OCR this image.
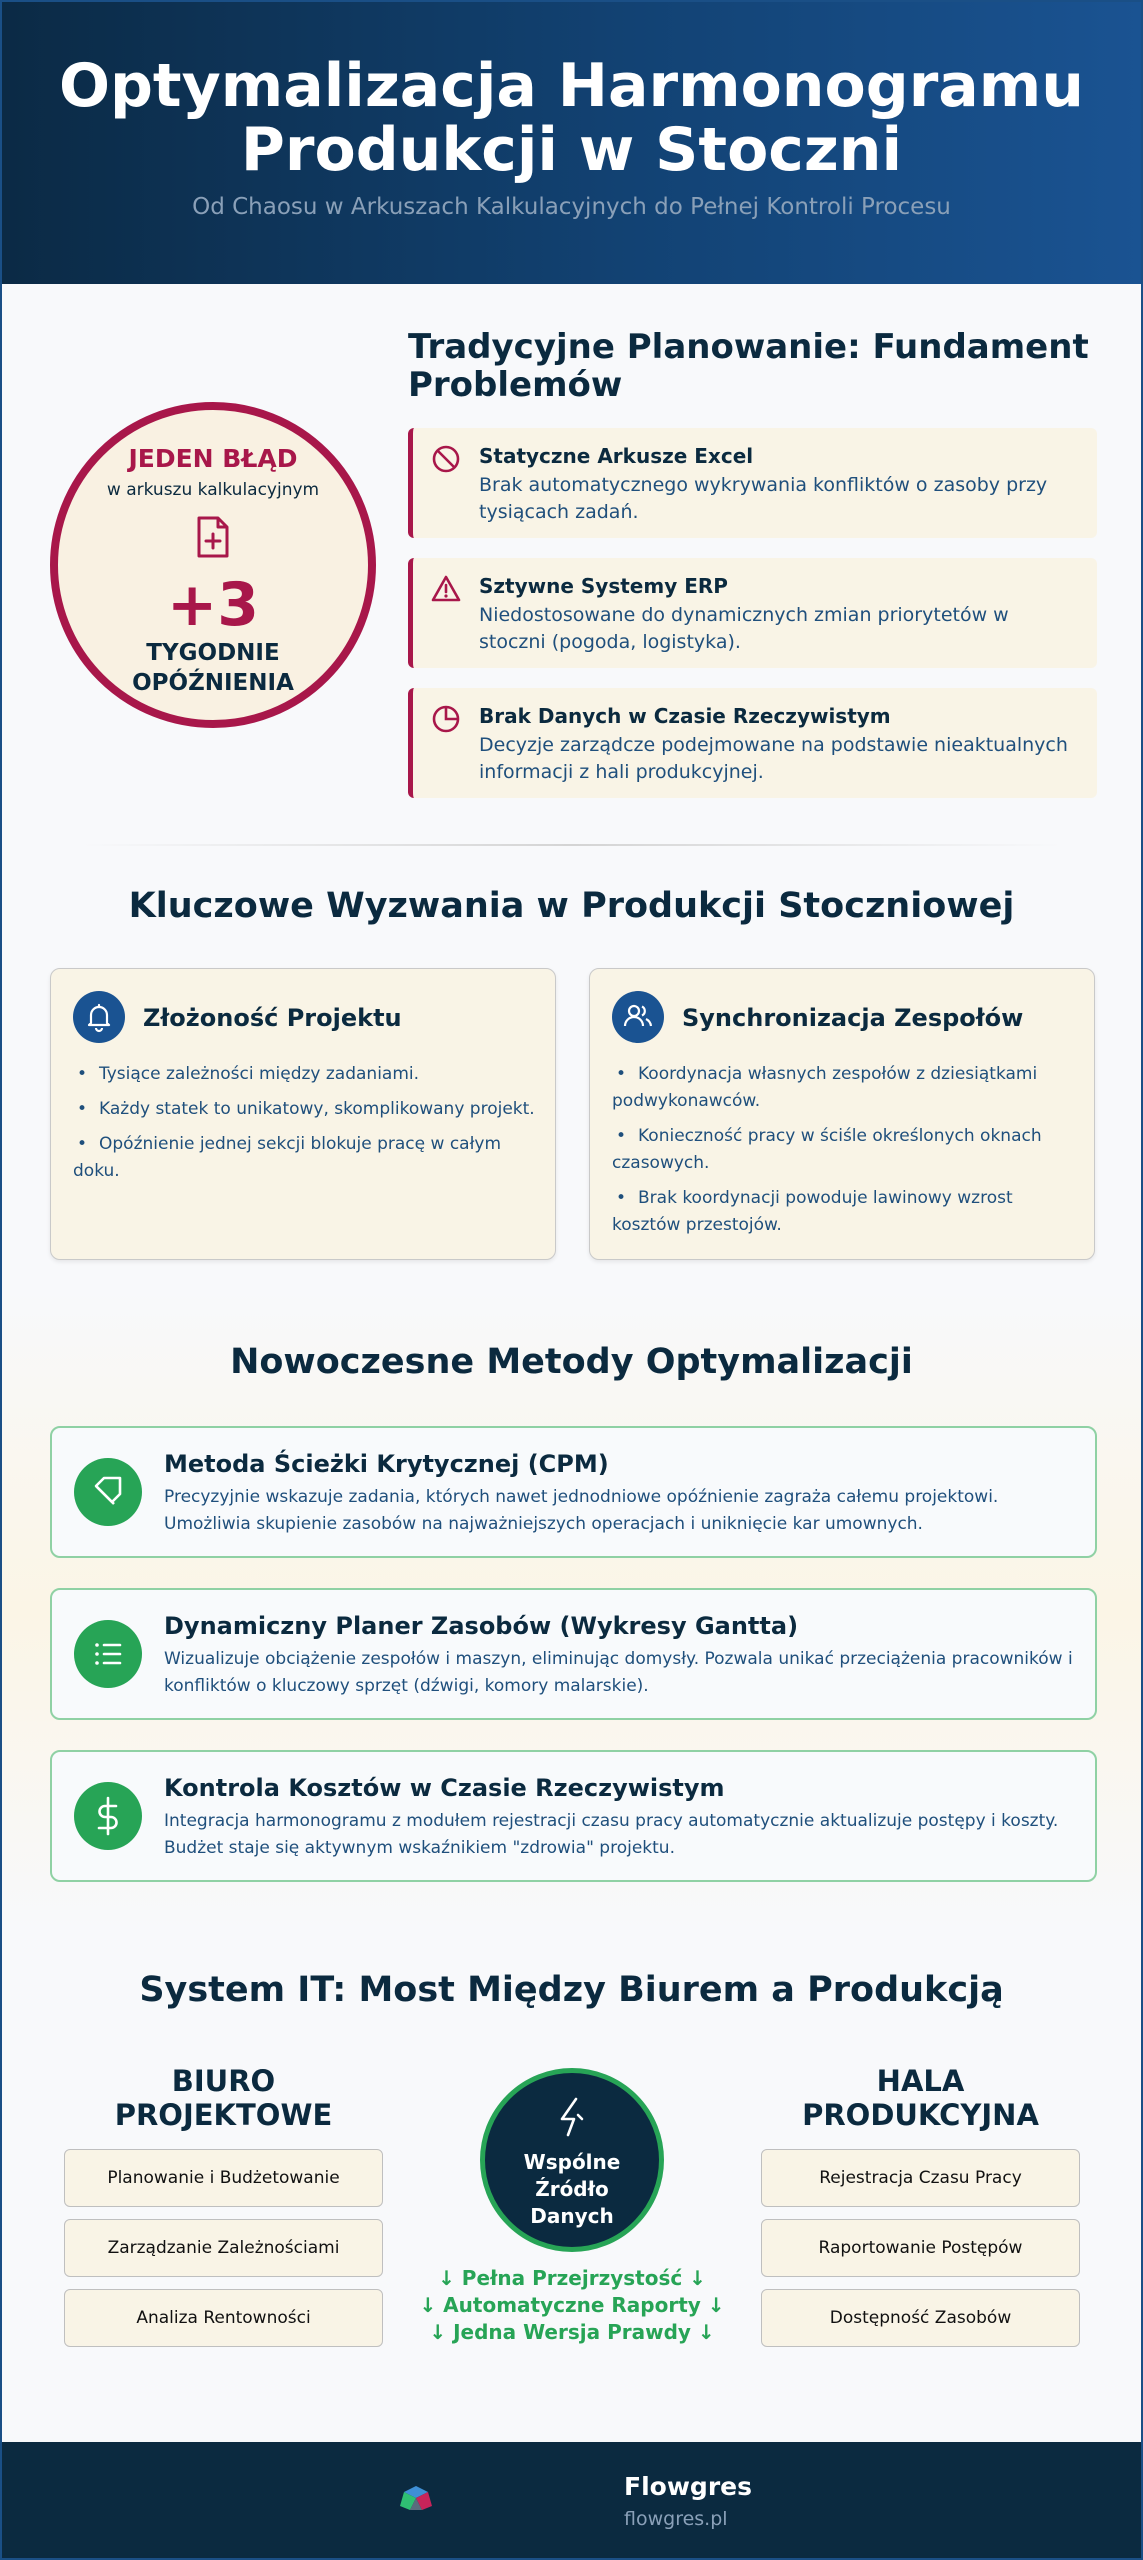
Optymalizacja Harmonogramu
Produkcji w Stoczni
Od Chaosu w Arkuszach Kalkulacyjnych do Pełnej Kontroli Procesu
JEDEN BŁĄD
w arkuszu kalkulacyjnym
+3
TYGODNIE
OPÓŹNIENIA
Tradycyjne Planowanie: Fundament Problemów
Statyczne Arkusze Excel
Brak automatycznego wykrywania konfliktów o zasoby przy tysiącach zadań.
Sztywne Systemy ERP
Niedostosowane do dynamicznych zmian priorytetów w stoczni (pogoda, logistyka).
Brak Danych w Czasie Rzeczywistym
Decyzje zarządcze podejmowane na podstawie nieaktualnych informacji z hali produkcyjnej.
Kluczowe Wyzwania w Produkcji Stoczniowej
Złożoność Projektu
• Tysiące zależności między zadaniami.
• Każdy statek to unikatowy, skomplikowany projekt.
• Opóźnienie jednej sekcji blokuje pracę w całym doku.
Synchronizacja Zespołów
• Koordynacja własnych zespołów z dziesiątkami podwykonawców.
• Konieczność pracy w ściśle określonych oknach czasowych.
• Brak koordynacji powoduje lawinowy wzrost kosztów przestojów.
Nowoczesne Metody Optymalizacji
Metoda Ścieżki Krytycznej (CPM)
Precyzyjnie wskazuje zadania, których nawet jednodniowe opóźnienie zagraża całemu projektowi. Umożliwia skupienie zasobów na najważniejszych operacjach i uniknięcie kar umownych.
Dynamiczny Planer Zasobów (Wykresy Gantta)
Wizualizuje obciążenie zespołów i maszyn, eliminując domysły. Pozwala unikać przeciążenia pracowników i konfliktów o kluczowy sprzęt (dźwigi, komory malarskie).
Kontrola Kosztów w Czasie Rzeczywistym
Integracja harmonogramu z modułem rejestracji czasu pracy automatycznie aktualizuje postępy i koszty. Budżet staje się aktywnym wskaźnikiem "zdrowia" projektu.
System IT: Most Między Biurem a Produkcją
BIURO
PROJEKTOWE
Planowanie i Budżetowanie
Zarządzanie Zależnościami
Analiza Rentowności
Wspólne
Źródło
Danych
↓ Pełna Przejrzystość ↓
↓ Automatyczne Raporty ↓
↓ Jedna Wersja Prawdy ↓
HALA
PRODUKCYJNA
Rejestracja Czasu Pracy
Raportowanie Postępów
Dostępność Zasobów
Flowgres
flowgres.pl
